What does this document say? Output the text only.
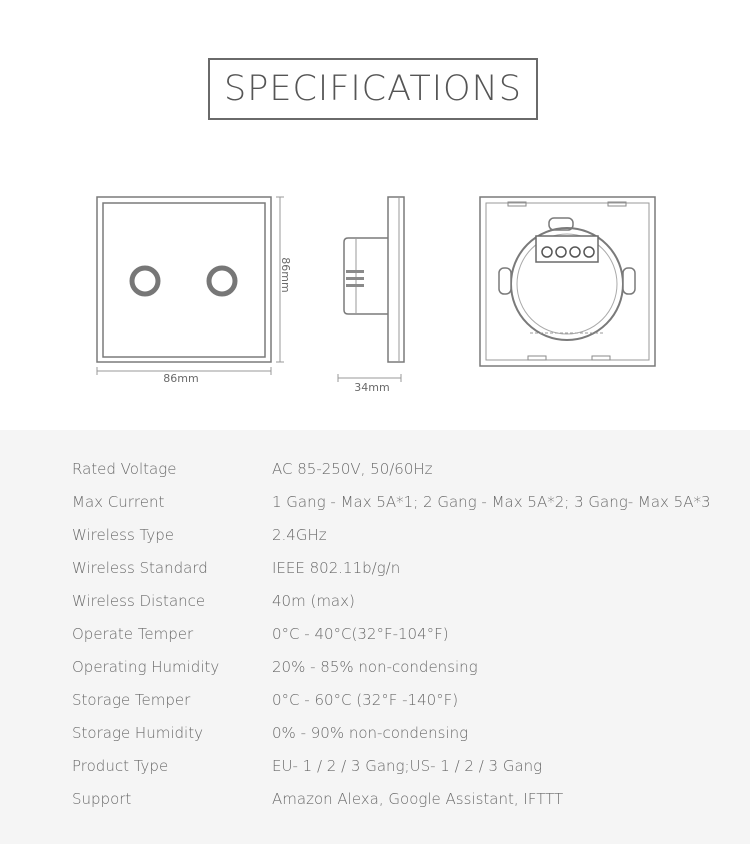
SPECIFICATIONS
86mm
86mm
34mm
Rated Voltage	AC 85-250V, 50/60Hz
Max Current	1 Gang - Max 5A*1; 2 Gang - Max 5A*2; 3 Gang- Max 5A*3
Wireless Type	2.4GHz
Wireless Standard	IEEE 802.11b/g/n
Wireless Distance	40m (max)
Operate Temper	0°C - 40°C(32°F-104°F)
Operating Humidity	20% - 85% non-condensing
Storage Temper	0°C - 60°C (32°F -140°F)
Storage Humidity	0% - 90% non-condensing
Product Type	EU- 1 / 2 / 3 Gang;US- 1 / 2 / 3 Gang
Support	Amazon Alexa, Google Assistant, IFTTT
